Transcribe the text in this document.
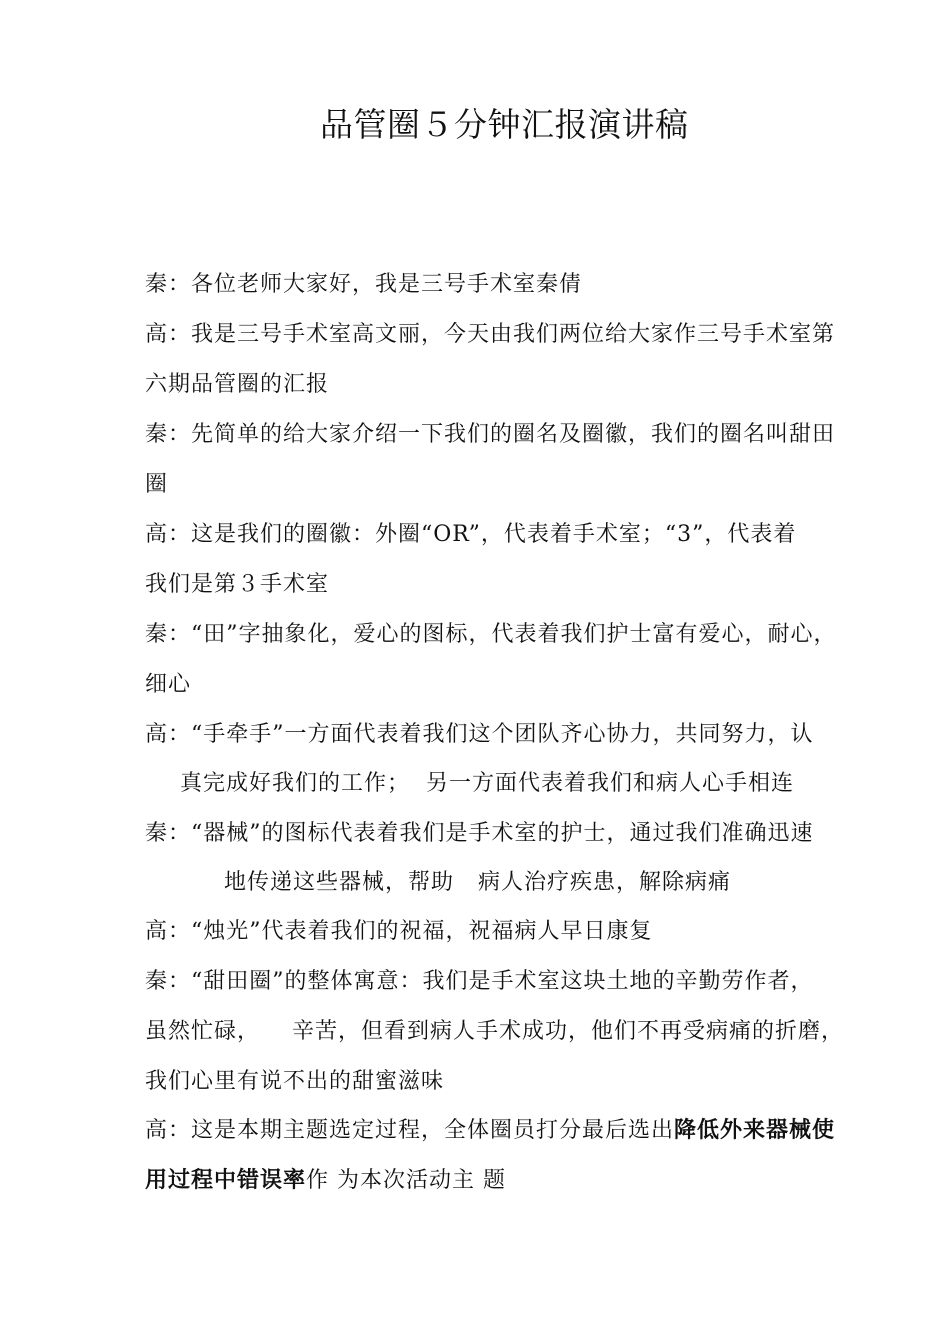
品管圈５分钟汇报演讲稿
秦：各位老师大家好，我是三号手术室秦倩
高：我是三号手术室高文丽，今天由我们两位给大家作三号手术室第
六期品管圈的汇报
秦：先简单的给大家介绍一下我们的圈名及圈徽，我们的圈名叫甜田
圈
高：这是我们的圈徽：外圈“OR”，代表着手术室；“3”，代表着
我们是第３手术室
秦：“田”字抽象化，爱心的图标，代表着我们护士富有爱心，耐心，
细心
高：“手牵手”一方面代表着我们这个团队齐心协力，共同努力，认
真完成好我们的工作；  另一方面代表着我们和病人心手相连
秦：“器械”的图标代表着我们是手术室的护士，通过我们准确迅速
地传递这些器械，帮助   病人治疗疾患，解除病痛
高：“烛光”代表着我们的祝福，祝福病人早日康复
秦：“甜田圈”的整体寓意：我们是手术室这块土地的辛勤劳作者，
虽然忙碌，    辛苦，但看到病人手术成功，他们不再受病痛的折磨，
我们心里有说不出的甜蜜滋味
高：这是本期主题选定过程，全体圈员打分最后选出降低外来器械使
用过程中错误率作 为本次活动主 题
